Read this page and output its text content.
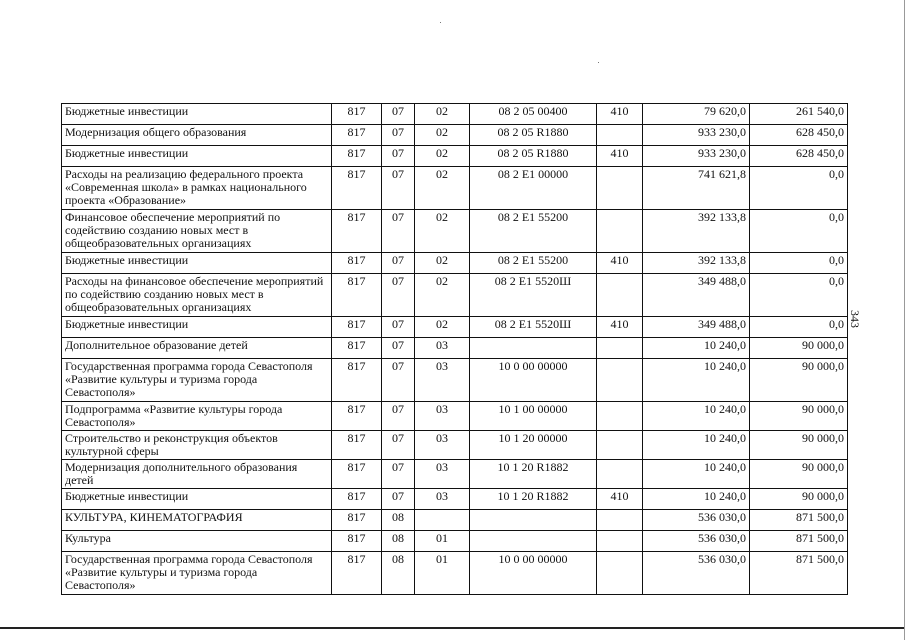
Бюджетные инвестиции	817	07	02	08 2 05 00400	410	79 620,0	261 540,0
Модернизация общего образования	817	07	02	08 2 05 R1880		933 230,0	628 450,0
Бюджетные инвестиции	817	07	02	08 2 05 R1880	410	933 230,0	628 450,0
Расходы на реализацию федерального проекта «Современная школа» в рамках национального проекта «Образование»	817	07	02	08 2 E1 00000		741 621,8	0,0
Финансовое обеспечение мероприятий по содействию созданию новых мест в общеобразовательных организациях	817	07	02	08 2 E1 55200		392 133,8	0,0
Бюджетные инвестиции	817	07	02	08 2 E1 55200	410	392 133,8	0,0
Расходы на финансовое обеспечение мероприятий по содействию созданию новых мест в общеобразовательных организациях	817	07	02	08 2 E1 5520Ш		349 488,0	0,0
Бюджетные инвестиции	817	07	02	08 2 E1 5520Ш	410	349 488,0	0,0
Дополнительное образование детей	817	07	03			10 240,0	90 000,0
Государственная программа города Севастополя «Развитие культуры и туризма города Севастополя»	817	07	03	10 0 00 00000		10 240,0	90 000,0
Подпрограмма «Развитие культуры города Севастополя»	817	07	03	10 1 00 00000		10 240,0	90 000,0
Строительство и реконструкция объектов культурной сферы	817	07	03	10 1 20 00000		10 240,0	90 000,0
Модернизация дополнительного образования детей	817	07	03	10 1 20 R1882		10 240,0	90 000,0
Бюджетные инвестиции	817	07	03	10 1 20 R1882	410	10 240,0	90 000,0
КУЛЬТУРА, КИНЕМАТОГРАФИЯ	817	08				536 030,0	871 500,0
Культура	817	08	01			536 030,0	871 500,0
Государственная программа города Севастополя «Развитие культуры и туризма города Севастополя»	817	08	01	10 0 00 00000		536 030,0	871 500,0
343
